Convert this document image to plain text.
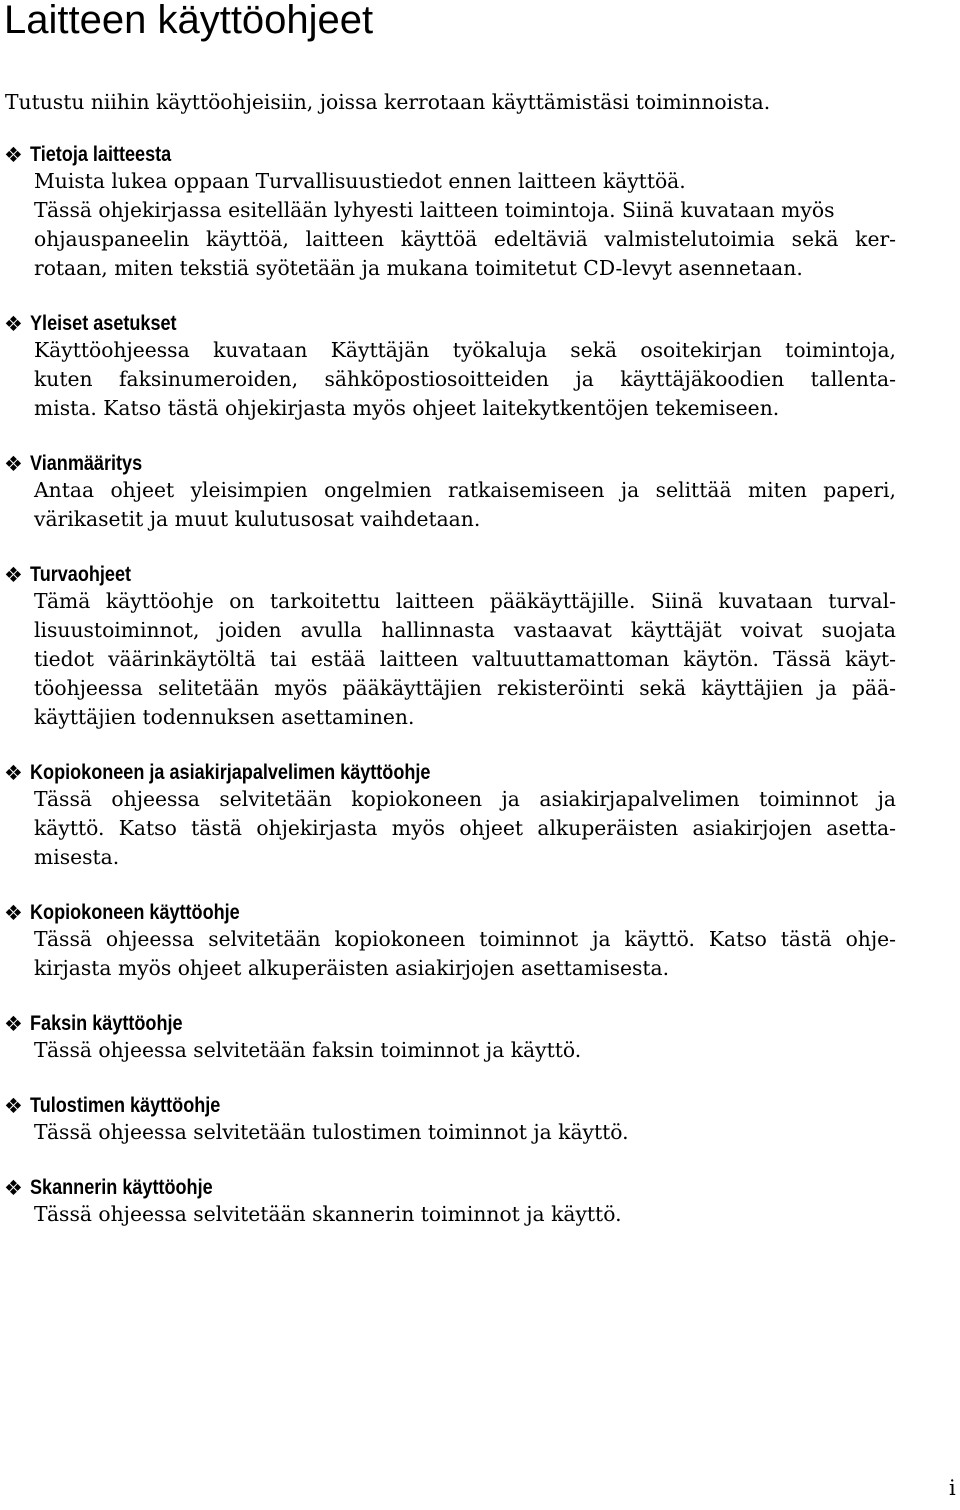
Laitteen käyttöohjeet

Tutustu niihin käyttöohjeisiin, joissa kerrotaan käyttämistäsi toiminnoista.

❖ Tietoja laitteesta
Muista lukea oppaan Turvallisuustiedot ennen laitteen käyttöä.
Tässä ohjekirjassa esitellään lyhyesti laitteen toimintoja. Siinä kuvataan myös
ohjauspaneelin käyttöä, laitteen käyttöä edeltäviä valmistelutoimia sekä ker-
rotaan, miten tekstiä syötetään ja mukana toimitetut CD-levyt asennetaan.
❖ Yleiset asetukset
Käyttöohjeessa kuvataan Käyttäjän työkaluja sekä osoitekirjan toimintoja,
kuten faksinumeroiden, sähköpostiosoitteiden ja käyttäjäkoodien tallenta-
mista. Katso tästä ohjekirjasta myös ohjeet laitekytkentöjen tekemiseen.
❖ Vianmääritys
Antaa ohjeet yleisimpien ongelmien ratkaisemiseen ja selittää miten paperi,
värikasetit ja muut kulutusosat vaihdetaan.
❖ Turvaohjeet
Tämä käyttöohje on tarkoitettu laitteen pääkäyttäjille. Siinä kuvataan turval-
lisuustoiminnot, joiden avulla hallinnasta vastaavat käyttäjät voivat suojata
tiedot väärinkäytöltä tai estää laitteen valtuuttamattoman käytön. Tässä käyt-
töohjeessa selitetään myös pääkäyttäjien rekisteröinti sekä käyttäjien ja pää-
käyttäjien todennuksen asettaminen.
❖ Kopiokoneen ja asiakirjapalvelimen käyttöohje
Tässä ohjeessa selvitetään kopiokoneen ja asiakirjapalvelimen toiminnot ja
käyttö. Katso tästä ohjekirjasta myös ohjeet alkuperäisten asiakirjojen asetta-
misesta.
❖ Kopiokoneen käyttöohje
Tässä ohjeessa selvitetään kopiokoneen toiminnot ja käyttö. Katso tästä ohje-
kirjasta myös ohjeet alkuperäisten asiakirjojen asettamisesta.
❖ Faksin käyttöohje
Tässä ohjeessa selvitetään faksin toiminnot ja käyttö.
❖ Tulostimen käyttöohje
Tässä ohjeessa selvitetään tulostimen toiminnot ja käyttö.
❖ Skannerin käyttöohje
Tässä ohjeessa selvitetään skannerin toiminnot ja käyttö.
i
